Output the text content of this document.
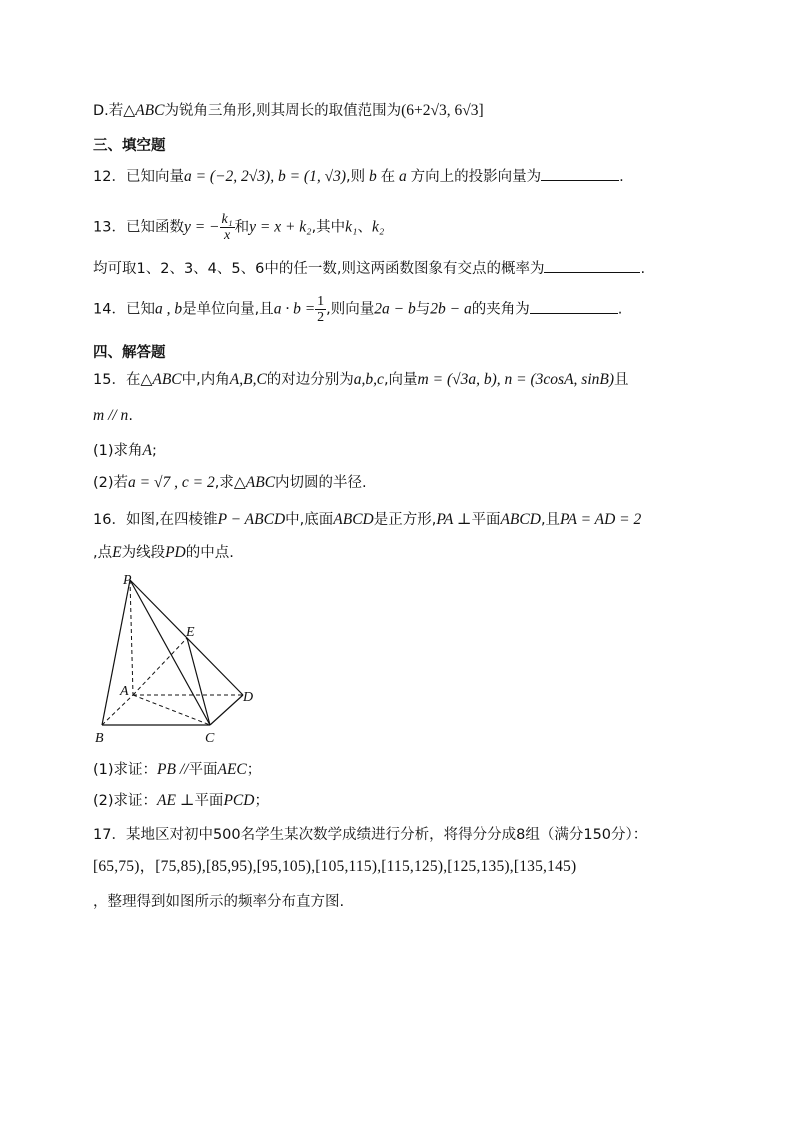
D.若△ABC为锐角三角形,则其周长的取值范围为(6+2√3, 6√3]
三、填空题
12．已知向量a = (−2, 2√3), b = (1, √3),则 b 在 a 方向上的投影向量为	.
13．已知函数y = − $\frac{\text{k₁}}{x}$ 和y = x + k₂,其中k₁、k₂
均可取1、2、3、4、5、6中的任一数,则这两函数图象有交点的概率为	.
14．已知a , b是单位向量,且$a \cdot b = \frac{1}{2}$ ,则向量2a − b与2b − a的夹角为	.
四、解答题
15．在△ABC中,内角A,B,C的对边分别为a,b,c,向量m = (√3a, b), n = (3cosA, sinB)且
m // n.
(1)求角A;
(2)若a = √7 , c = 2,求△ABC内切圆的半径.
16．如图,在四棱锥P − ABCD中,底面ABCD是正方形,PA ⊥平面ABCD,且PA = AD = 2
,点E为线段PD的中点.
P
E
A	D
B	C
(1)求证：PB //平面AEC；
(2)求证：AE ⊥平面PCD；
17．某地区对初中500名学生某次数学成绩进行分析，将得分分成8组（满分150分）：
[65,75)，[75,85),[85,95),[95,105),[105,115),[115,125),[125,135),[135,145)
，整理得到如图所示的频率分布直方图.
